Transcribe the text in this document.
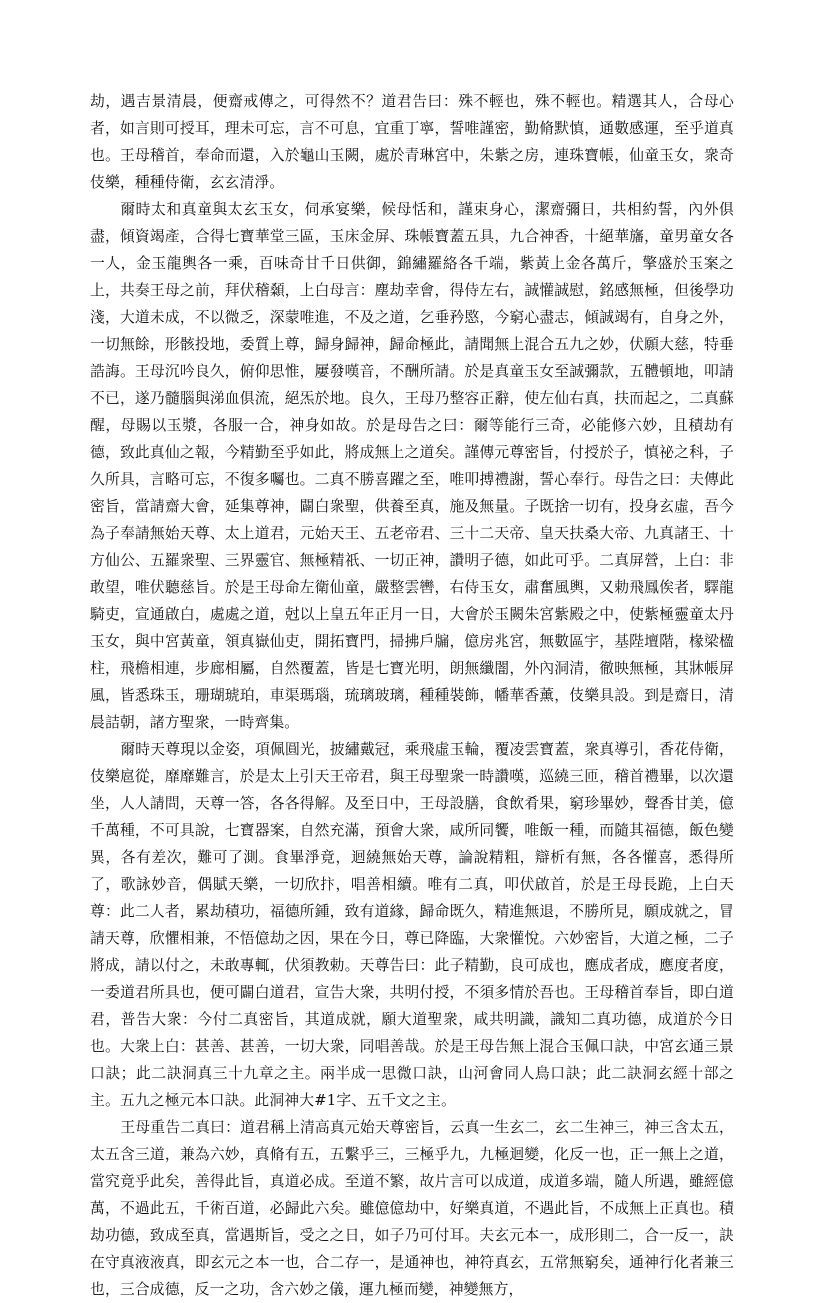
劫，遇吉景清晨，便齋戒傳之，可得然不？道君告曰：殊不輕也，殊不輕也。精選其人，合母心者，如言則可授耳，理未可忘，言不可息，宜重丁寧，誓唯謹密，勤脩默慎，通數感運，至乎道真也。王母稽首，奉命而還，入於龜山玉闕，處於青琳宮中，朱紫之房，連珠寶帳，仙童玉女，衆奇伎樂，種種侍衛，玄玄清淨。

爾時太和真童與太玄玉女，伺承宴樂，候母恬和，謹束身心，潔齋彌日，共相約誓，內外俱盡，傾資竭產，合得七寶華堂三區，玉床金屏、珠帳寶蓋五具，九合神香，十絕華旛，童男童女各一人，金玉龍輿各一乘，百味奇甘千日供御，錦繡羅絡各千端，紫黃上金各萬斤，擎盛於玉案之上，共奏王母之前，拜伏稽顙，上白母言：塵劫幸會，得侍左右，誠懽誠慰，銘感無極，但後學功淺，大道未成，不以微乏，深蒙唯進，不及之道，乞垂矜愍，今窮心盡志，傾誠竭有，自身之外，一切無餘，形骸投地，委質上尊，歸身歸神，歸命極此，請聞無上混合五九之妙，伏願大慈，特垂誥誨。王母沉吟良久，俯仰思惟，屢發嘆音，不酬所請。於是真童玉女至誠彌款，五體頓地，叩請不已，遂乃髓腦與涕血俱流，絕炁於地。良久，王母乃整容正辭，使左仙右真，扶而起之，二真蘇醒，母賜以玉漿，各服一合，神身如故。於是母告之曰：爾等能行三奇，必能修六妙，且積劫有德，致此真仙之報，今精勤至乎如此，將成無上之道矣。謹傳元尊密旨，付授於子，慎祕之科，子久所具，言略可忘，不復多囑也。二真不勝喜躍之至，唯叩搏禮謝，誓心奉行。母告之曰：夫傳此密旨，當請齋大會，延集尊神，闢白衆聖，供養至真，施及無量。子既捨一切有，投身玄虛，吾今為子奉請無始天尊、太上道君，元始天王、五老帝君、三十二天帝、皇天扶桑大帝、九真諸王、十方仙公、五羅衆聖、三界靈官、無極精祇、一切正神，讚明子德，如此可乎。二真屏營，上白：非敢望，唯伏聽慈旨。於是王母命左衛仙童，嚴整雲轡，右侍玉女，肅奮風輿，又勅飛鳳俟者，驛龍騎吏，宣通啟白，處處之道，尅以上皇五年正月一日，大會於玉闕朱宮紫殿之中，使紫極靈童太丹玉女，與中宮黃童，領真嶽仙吏，開拓寶門，掃拂戶牖，億房兆宮，無數區宇，基陛壇階，椽梁楹柱，飛檐相連，步廊相屬，自然覆蓋，皆是七寶光明，朗無纖闇，外內洞清，徹映無極，其牀帳屏風，皆悉珠玉，珊瑚琥珀，車渠瑪瑙，琉璃玻璃，種種裝飾，幡華香薰，伎樂具設。到是齋日，清晨詰朝，諸方聖衆，一時齊集。

爾時天尊現以金姿，項佩圓光，披繡戴冠，乘飛虛玉輪，覆凌雲寶蓋，衆真導引，香花侍衛，伎樂扈從，靡靡難言，於是太上引天王帝君，與王母聖衆一時讚嘆，巡繞三匝，稽首禮畢，以次還坐，人人請問，天尊一答，各各得解。及至日中，王母設膳，食飲肴果，窮珍畢妙，聲香甘美，億千萬種，不可具說，七寶器案，自然充滿，預會大衆，咸所同饗，唯飯一種，而隨其福德，飯色變異，各有差次，難可了測。食畢淨竟，迴繞無始天尊，論說精粗，辯析有無，各各懽喜，悉得所了，歌詠妙音，偶賦天樂，一切欣抃，唱善相續。唯有二真，叩伏啟首，於是王母長跪，上白天尊：此二人者，累劫積功，福德所鍾，致有道緣，歸命既久，精進無退，不勝所見，願成就之，冒請天尊，欣懼相兼，不悟億劫之因，果在今日，尊已降臨，大衆懽悅。六妙密旨，大道之極，二子將成，請以付之，未敢專輒，伏須教勅。天尊告曰：此子精勤，良可成也，應成者成，應度者度，一委道君所具也，便可闢白道君，宣告大衆，共明付授，不須多情於吾也。王母稽首奉旨，即白道君，普告大衆：今付二真密旨，其道成就，願大道聖衆，咸共明識，識知二真功德，成道於今日也。大衆上白：甚善、甚善，一切大衆，同唱善哉。於是王母告無上混合玉佩口訣，中宮玄通三景口訣；此二訣洞真三十九章之主。兩半成一思微口訣，山河會同人鳥口訣；此二訣洞玄經十部之主。五九之極元本口訣。此洞神大#1字、五千文之主。

王母重告二真曰：道君稱上清高真元始天尊密旨，云真一生玄二，玄二生神三，神三含太五，太五含三道，兼為六妙，真脩有五，五繫乎三，三極乎九，九極迴變，化反一也，正一無上之道，當究竟乎此矣，善得此旨，真道必成。至道不繁，故片言可以成道，成道多端，隨人所遇，雖經億萬，不過此五，千術百道，必歸此六矣。雖億億劫中，好樂真道，不遇此旨，不成無上正真也。積劫功德，致成至真，當遇斯旨，受之之日，如子乃可付耳。夫玄元本一，成形則二，合一反一，訣在守真液液真，即玄元之本一也，合二存一，是通神也，神符真玄，五常無窮矣，通神行化者兼三也，三合成德，反一之功，含六妙之儀，運九極而變，神變無方，
